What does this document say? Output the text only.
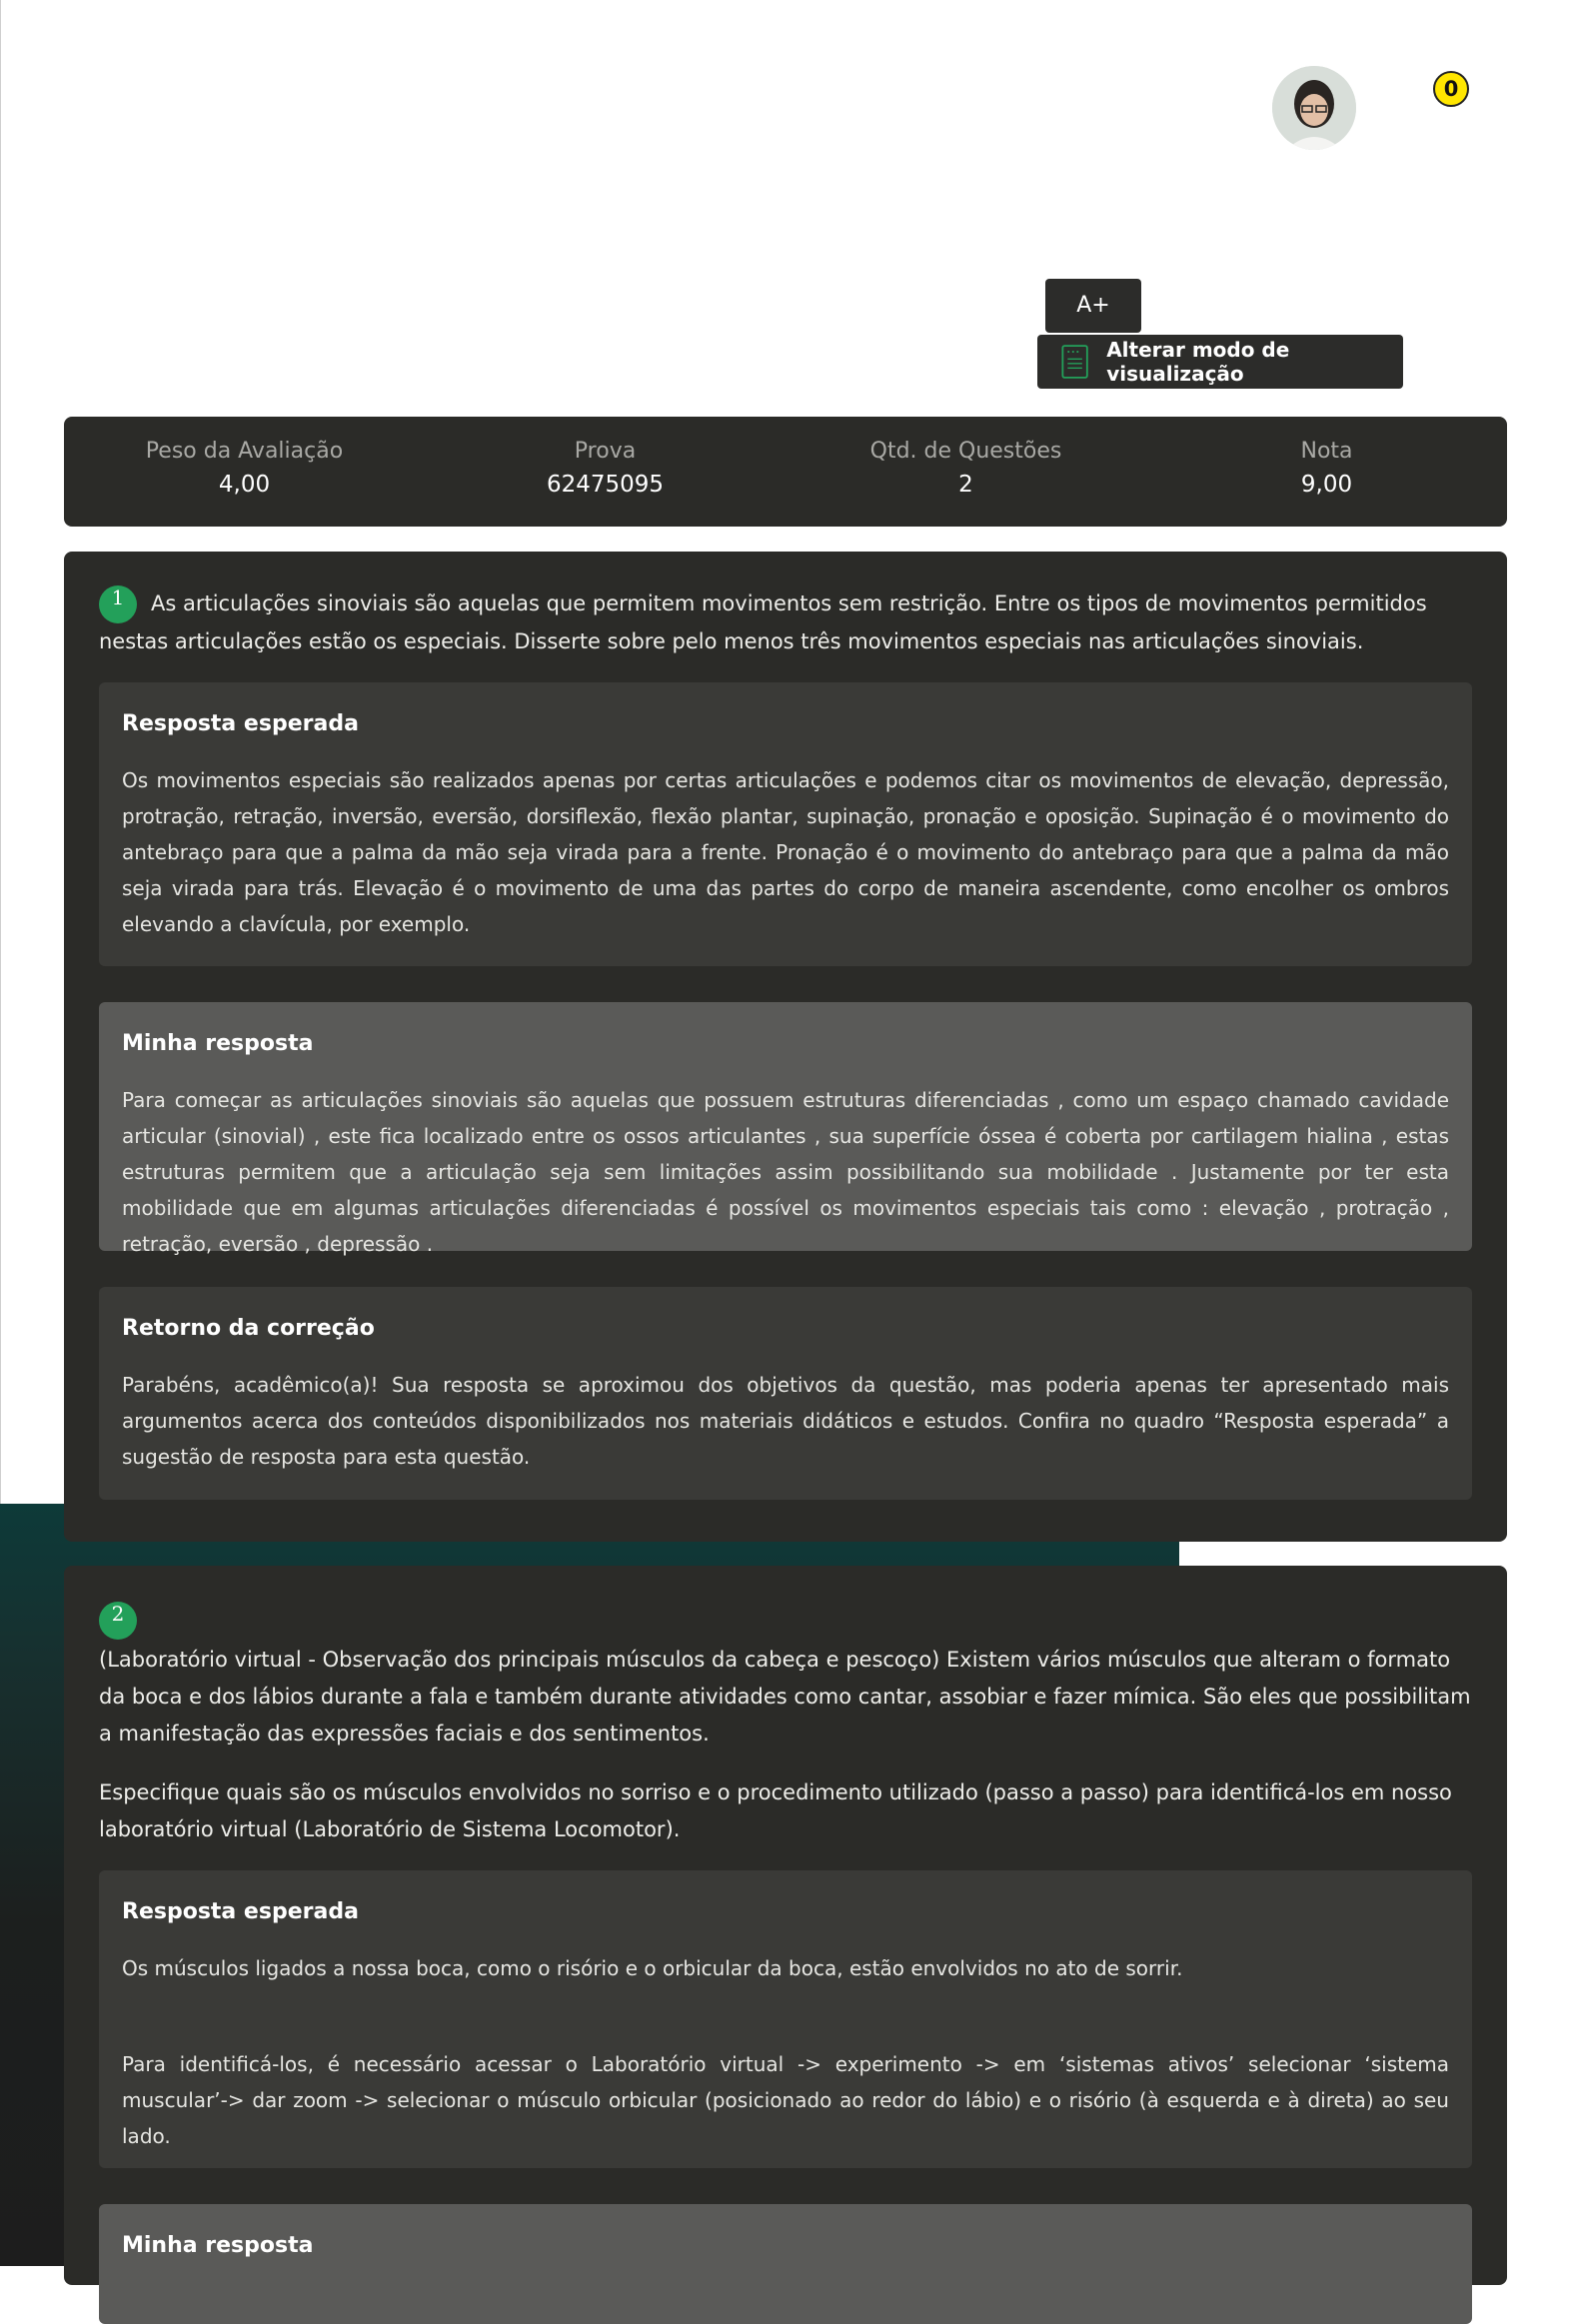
0
A+
Alterar modo de visualização
Peso da Avaliação
4,00
Prova
62475095
Qtd. de Questões
2
Nota
9,00
1 As articulações sinoviais são aquelas que permitem movimentos sem restrição. Entre os tipos de movimentos permitidos nestas articulações estão os especiais. Disserte sobre pelo menos três movimentos especiais nas articulações sinoviais.
Resposta esperada

Os movimentos especiais são realizados apenas por certas articulações e podemos citar os movimentos de elevação, depressão, protração, retração, inversão, eversão, dorsiflexão, flexão plantar, supinação, pronação e oposição. Supinação é o movimento do antebraço para que a palma da mão seja virada para a frente. Pronação é o movimento do antebraço para que a palma da mão seja virada para trás. Elevação é o movimento de uma das partes do corpo de maneira ascendente, como encolher os ombros elevando a clavícula, por exemplo.

Minha resposta

Para começar as articulações sinoviais são aquelas que possuem estruturas diferenciadas , como um espaço chamado cavidade articular (sinovial) , este fica localizado entre os ossos articulantes , sua superfície óssea é coberta por cartilagem hialina , estas estruturas permitem que a articulação seja sem limitações assim possibilitando sua mobilidade . Justamente por ter esta mobilidade que em algumas articulações diferenciadas é possível os movimentos especiais tais como : elevação , protração , retração, eversão , depressão .

Retorno da correção

Parabéns, acadêmico(a)! Sua resposta se aproximou dos objetivos da questão, mas poderia apenas ter apresentado mais argumentos acerca dos conteúdos disponibilizados nos materiais didáticos e estudos. Confira no quadro “Resposta esperada” a sugestão de resposta para esta questão.

2
(Laboratório virtual - Observação dos principais músculos da cabeça e pescoço) Existem vários músculos que alteram o formato da boca e dos lábios durante a fala e também durante atividades como cantar, assobiar e fazer mímica. São eles que possibilitam a manifestação das expressões faciais e dos sentimentos.
Especifique quais são os músculos envolvidos no sorriso e o procedimento utilizado (passo a passo) para identificá-los em nosso laboratório virtual (Laboratório de Sistema Locomotor).
Resposta esperada

Os músculos ligados a nossa boca, como o risório e o orbicular da boca, estão envolvidos no ato de sorrir.

Para identificá-los, é necessário acessar o Laboratório virtual -> experimento -> em ‘sistemas ativos’ selecionar ‘sistema muscular’-> dar zoom -> selecionar o músculo orbicular (posicionado ao redor do lábio) e o risório (à esquerda e à direta) ao seu lado.

Minha resposta
